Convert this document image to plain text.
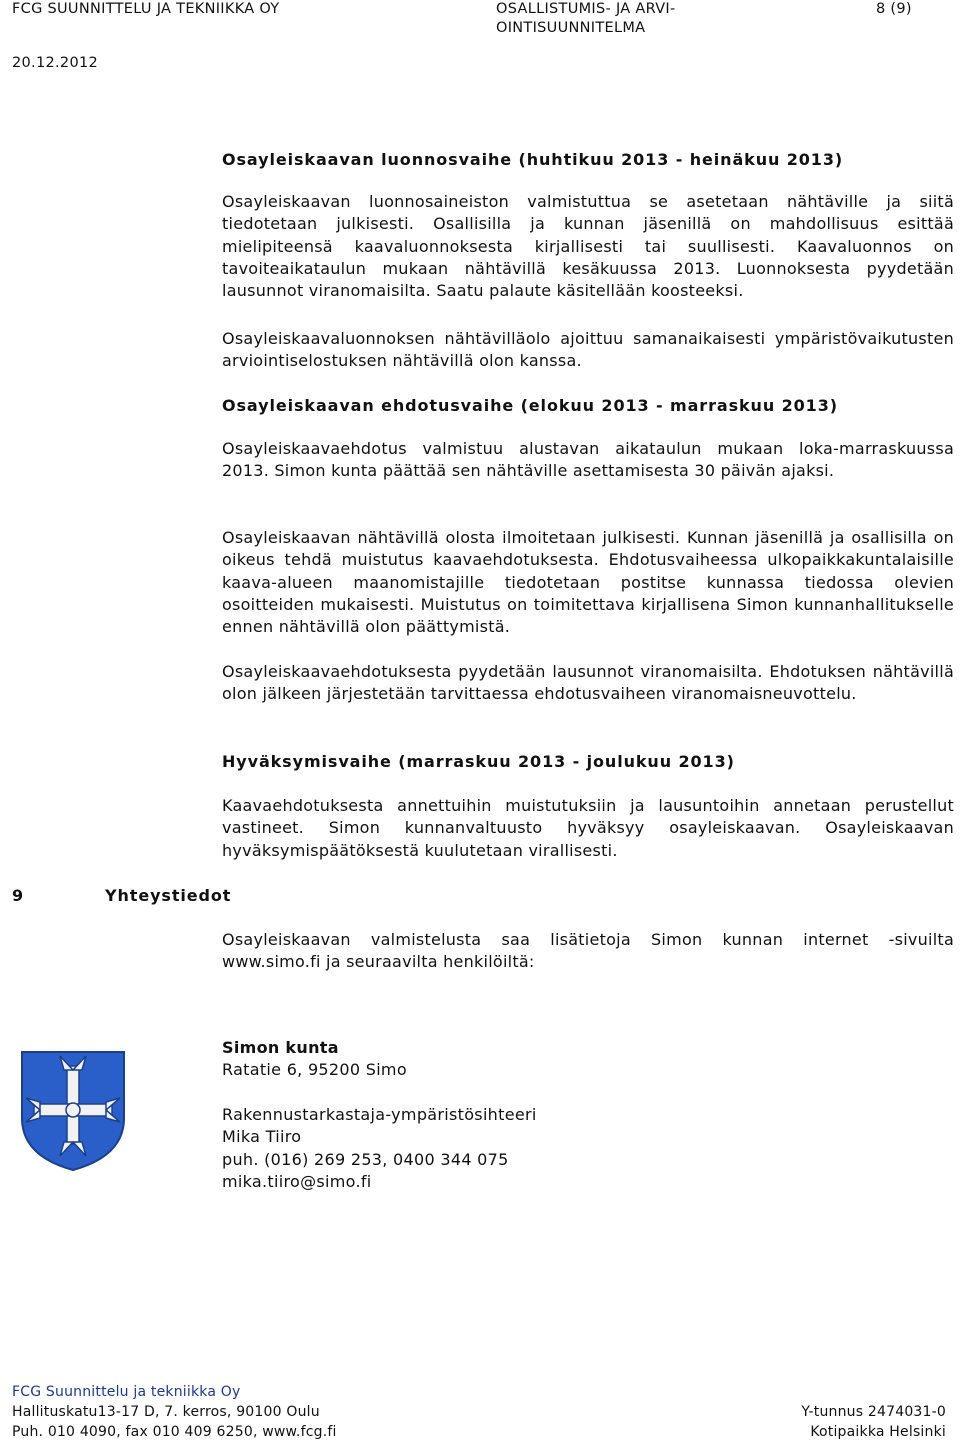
FCG SUUNNITTELU JA TEKNIIKKA OY	OSALLISTUMIS- JA ARVI-OINTISUUNNITELMA
8 (9)
20.12.2012
Osayleiskaavan luonnosvaihe (huhtikuu 2013 - heinäkuu 2013)
Osayleiskaavan luonnosaineiston valmistuttua se asetetaan nähtäville ja siitä tiedotetaan julkisesti. Osallisilla ja kunnan jäsenillä on mahdollisuus esittää mielipiteensä kaavaluonnoksesta kirjallisesti tai suullisesti. Kaavaluonnos on tavoiteaikataulun mukaan nähtävillä kesäkuussa 2013. Luonnoksesta pyydetään lausunnot viranomaisilta. Saatu palaute käsitellään koosteeksi.
Osayleiskaavaluonnoksen nähtävilläolo ajoittuu samanaikaisesti ympäristövaikutusten arviointiselostuksen nähtävillä olon kanssa.
Osayleiskaavan ehdotusvaihe (elokuu 2013 - marraskuu 2013)
Osayleiskaavaehdotus valmistuu alustavan aikataulun mukaan loka-marraskuussa 2013. Simon kunta päättää sen nähtäville asettamisesta 30 päivän ajaksi.
Osayleiskaavan nähtävillä olosta ilmoitetaan julkisesti. Kunnan jäsenillä ja osallisilla on oikeus tehdä muistutus kaavaehdotuksesta. Ehdotusvaiheessa ulkopaikkakuntalaisille kaava-alueen maanomistajille tiedotetaan postitse kunnassa tiedossa olevien osoitteiden mukaisesti. Muistutus on toimitettava kirjallisena Simon kunnanhallitukselle ennen nähtävillä olon päättymistä.
Osayleiskaavaehdotuksesta pyydetään lausunnot viranomaisilta. Ehdotuksen nähtävillä olon jälkeen järjestetään tarvittaessa ehdotusvaiheen viranomaisneuvottelu.
Hyväksymisvaihe (marraskuu 2013 - joulukuu 2013)
Kaavaehdotuksesta annettuihin muistutuksiin ja lausuntoihin annetaan perustellut vastineet. Simon kunnanvaltuusto hyväksyy osayleiskaavan. Osayleiskaavan hyväksymispäätöksestä kuulutetaan virallisesti.
9	Yhteystiedot
Osayleiskaavan valmistelusta saa lisätietoja Simon kunnan internet -sivuilta www.simo.fi ja seuraavilta henkilöiltä:
Simon kunta
Ratatie 6, 95200 Simo
Rakennustarkastaja-ympäristösihteeri
Mika Tiiro
puh. (016) 269 253, 0400 344 075
mika.tiiro@simo.fi
FCG Suunnittelu ja tekniikka Oy
Hallituskatu13-17 D, 7. kerros, 90100 Oulu
Puh. 010 4090, fax 010 409 6250, www.fcg.fi
Y-tunnus 2474031-0
Kotipaikka Helsinki
